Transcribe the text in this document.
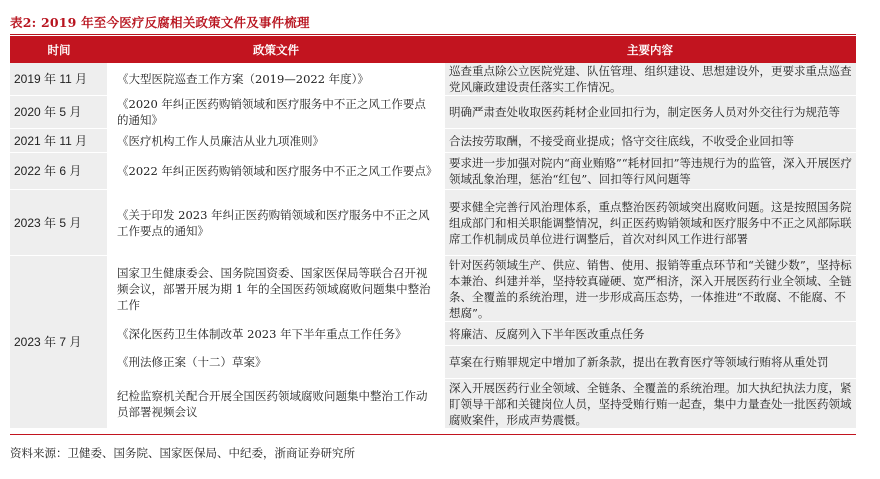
表2: 2019 年至今医疗反腐相关政策文件及事件梳理
时间	政策文件	主要内容
2019 年 11 月	《大型医院巡查工作方案（2019—2022 年度）》	巡查重点除公立医院党建、队伍管理、组织建设、思想建设外，更要求重点巡查党风廉政建设责任落实工作情况。
2020 年 5 月	《2020 年纠正医药购销领域和医疗服务中不正之风工作要点的通知》	明确严肃查处收取医药耗材企业回扣行为，制定医务人员对外交往行为规范等
2021 年 11 月	《医疗机构工作人员廉洁从业九项准则》	合法按劳取酬，不接受商业提成；恪守交往底线，不收受企业回扣等
2022 年 6 月	《2022 年纠正医药购销领域和医疗服务中不正之风工作要点》	要求进一步加强对院内“商业贿赂”“耗材回扣”等违规行为的监管，深入开展医疗领域乱象治理，惩治“红包”、回扣等行风问题等
2023 年 5 月	《关于印发 2023 年纠正医药购销领域和医疗服务中不正之风工作要点的通知》	要求健全完善行风治理体系，重点整治医药领域突出腐败问题。这是按照国务院组成部门和相关职能调整情况，纠正医药购销领域和医疗服务中不正之风部际联席工作机制成员单位进行调整后，首次对纠风工作进行部署
2023 年 7 月	国家卫生健康委会、国务院国资委、国家医保局等联合召开视频会议，部署开展为期 1 年的全国医药领域腐败问题集中整治工作	针对医药领域生产、供应、销售、使用、报销等重点环节和“关键少数”，坚持标本兼治、纠建并举，坚持较真碰硬、宽严相济，深入开展医药行业全领域、全链条、全覆盖的系统治理，进一步形成高压态势，一体推进“不敢腐、不能腐、不想腐”。
	《深化医药卫生体制改革 2023 年下半年重点工作任务》	将廉洁、反腐列入下半年医改重点任务
	《刑法修正案（十二）草案》	草案在行贿罪规定中增加了新条款，提出在教育医疗等领域行贿将从重处罚
	纪检监察机关配合开展全国医药领域腐败问题集中整治工作动员部署视频会议	深入开展医药行业全领域、全链条、全覆盖的系统治理。加大执纪执法力度，紧盯领导干部和关键岗位人员，坚持受贿行贿一起查，集中力量查处一批医药领域腐败案件，形成声势震慑。
资料来源：卫健委、国务院、国家医保局、中纪委，浙商证券研究所
